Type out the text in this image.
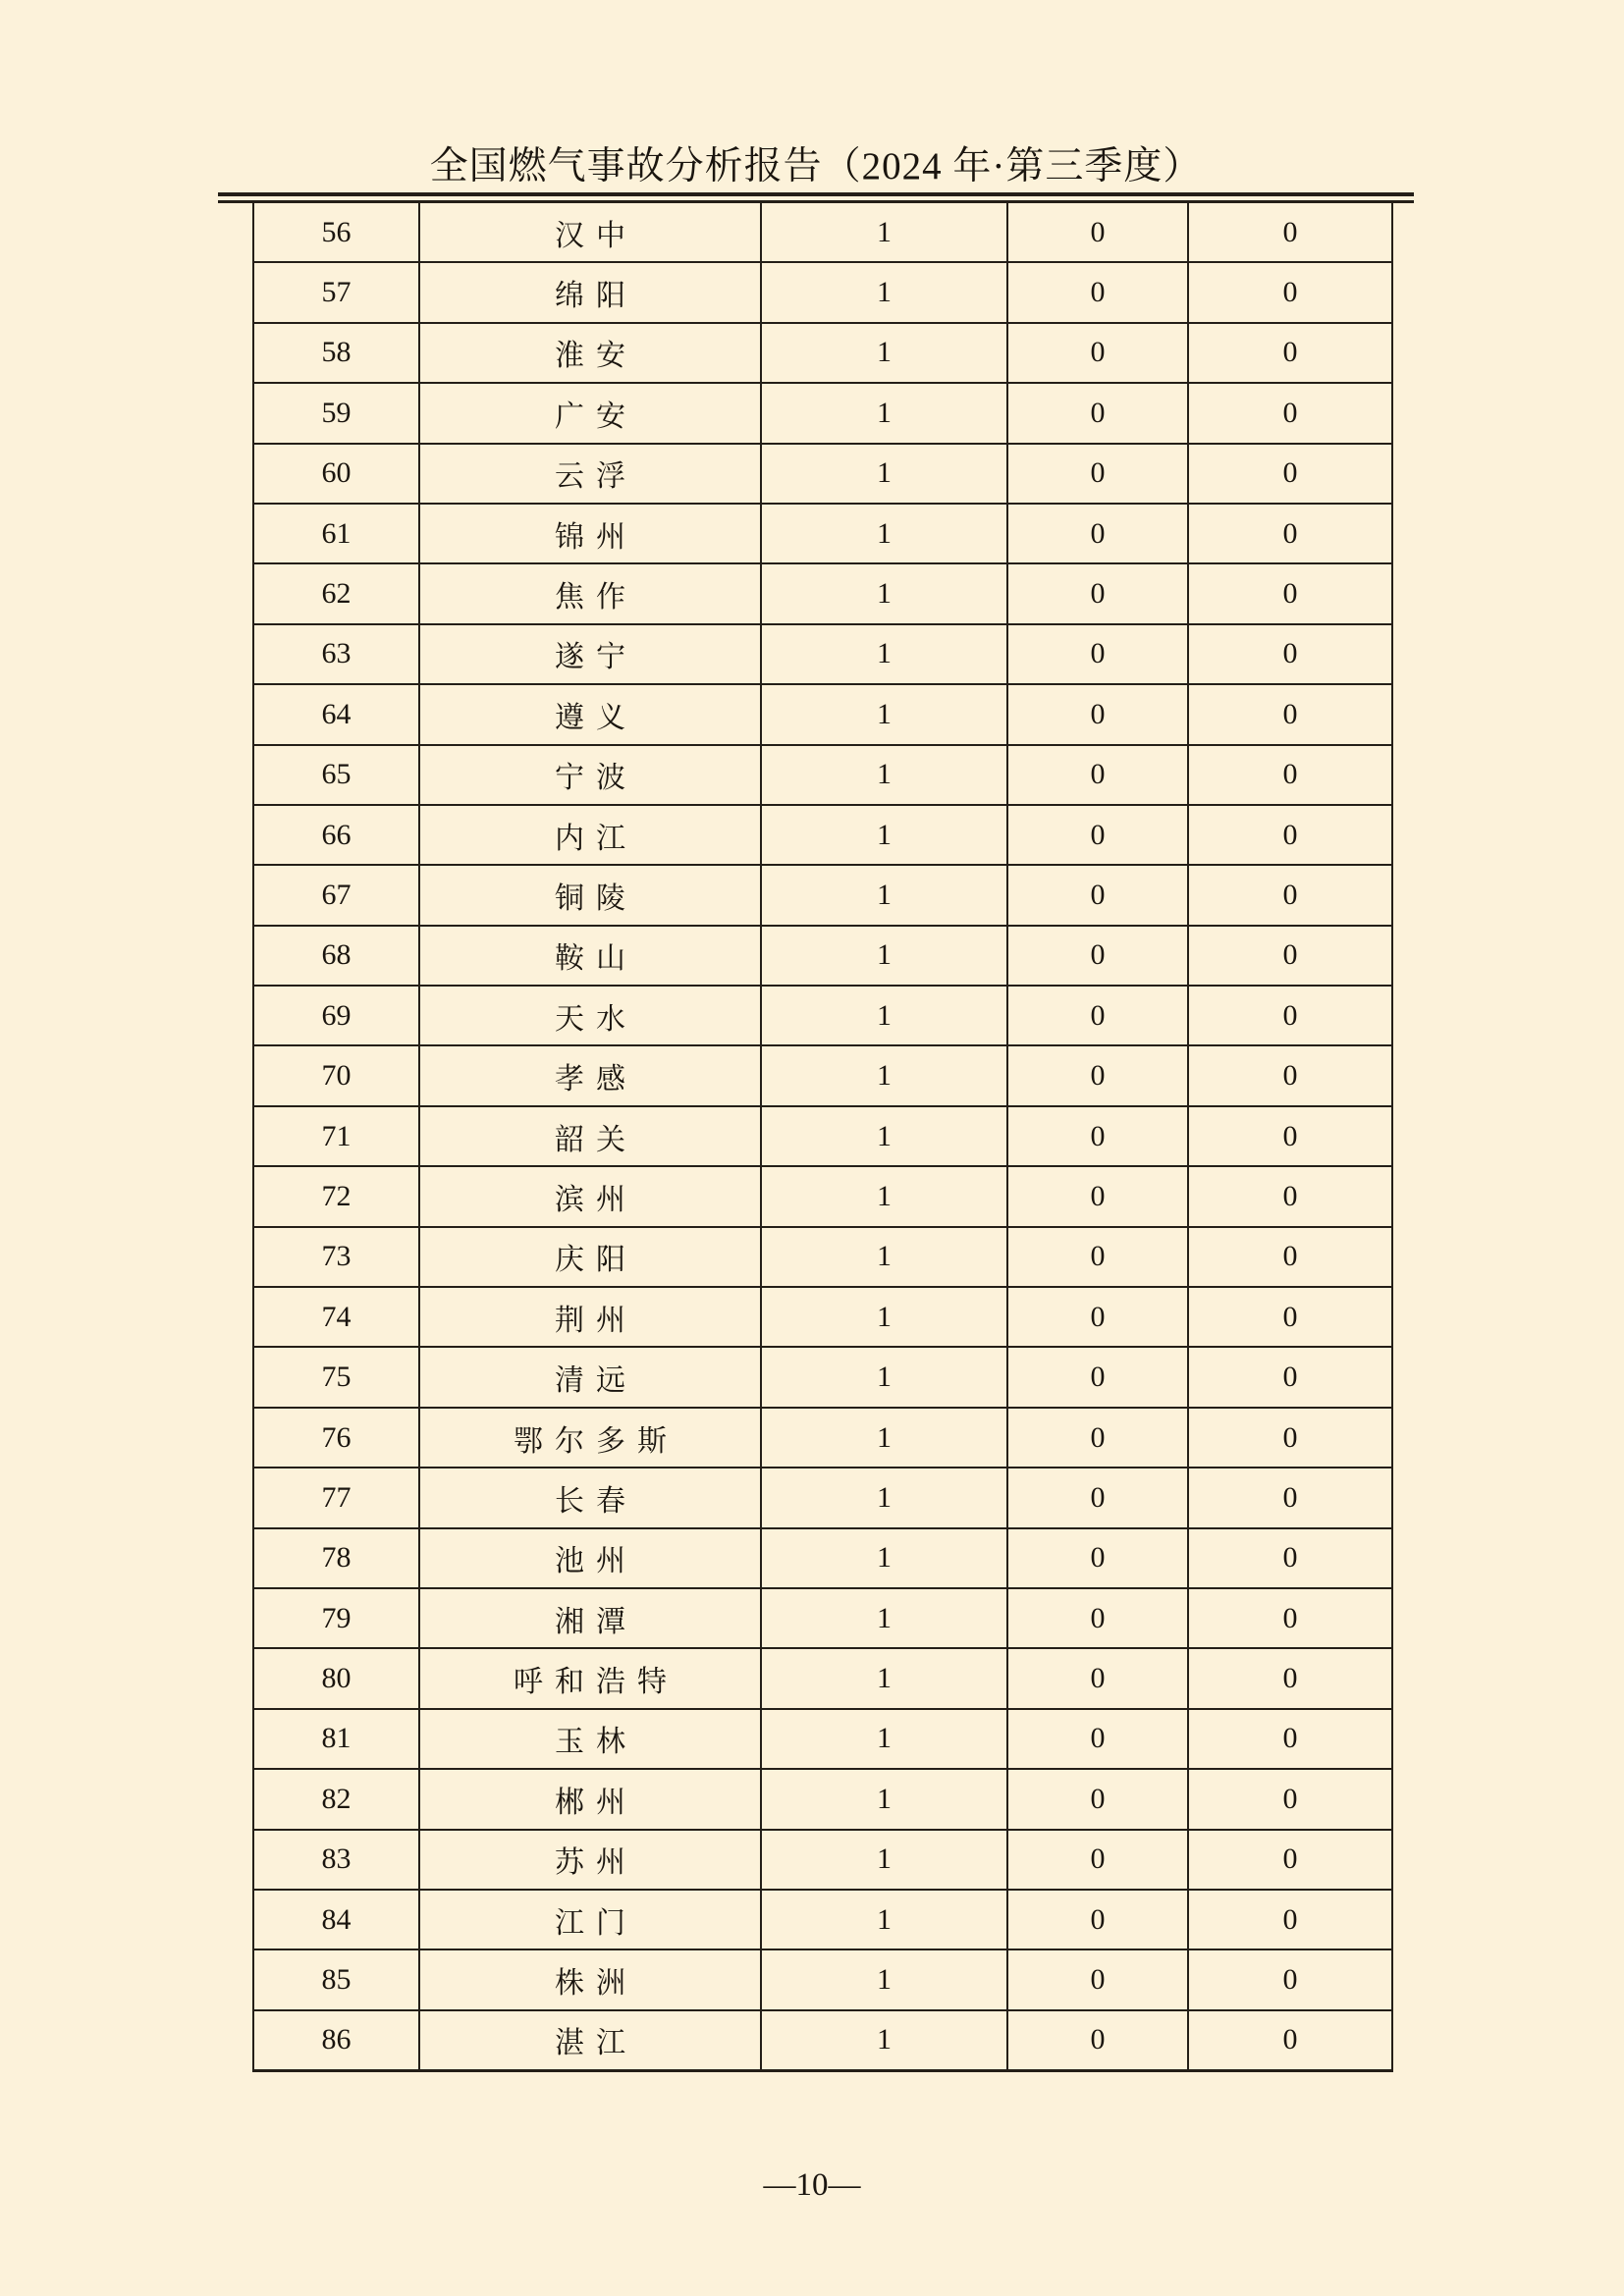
全国燃气事故分析报告（2024 年·第三季度）
56	汉中	1	0	0
57	绵阳	1	0	0
58	淮安	1	0	0
59	广安	1	0	0
60	云浮	1	0	0
61	锦州	1	0	0
62	焦作	1	0	0
63	遂宁	1	0	0
64	遵义	1	0	0
65	宁波	1	0	0
66	内江	1	0	0
67	铜陵	1	0	0
68	鞍山	1	0	0
69	天水	1	0	0
70	孝感	1	0	0
71	韶关	1	0	0
72	滨州	1	0	0
73	庆阳	1	0	0
74	荆州	1	0	0
75	清远	1	0	0
76	鄂尔多斯	1	0	0
77	长春	1	0	0
78	池州	1	0	0
79	湘潭	1	0	0
80	呼和浩特	1	0	0
81	玉林	1	0	0
82	郴州	1	0	0
83	苏州	1	0	0
84	江门	1	0	0
85	株洲	1	0	0
86	湛江	1	0	0
—10—
